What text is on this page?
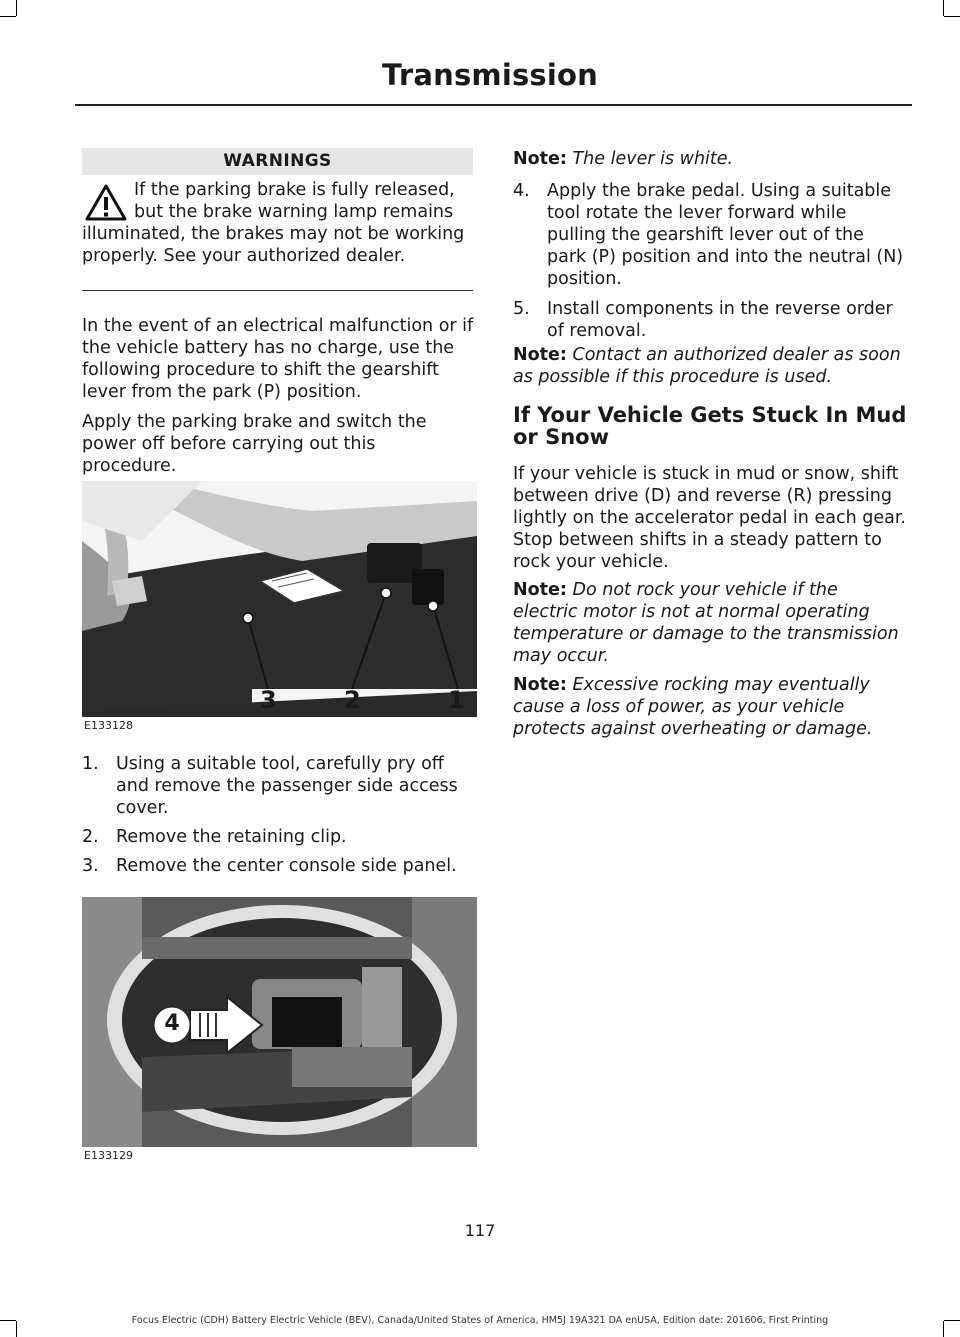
Transmission
WARNINGS
If the parking brake is fully released, but the brake warning lamp remains illuminated, the brakes may not be working properly. See your authorized dealer.

In the event of an electrical malfunction or if the vehicle battery has no charge, use the following procedure to shift the gearshift lever from the park (P) position.

Apply the parking brake and switch the power off before carrying out this procedure.

3	2	1
E133128
1. Using a suitable tool, carefully pry off and remove the passenger side access cover.
2. Remove the retaining clip.
3. Remove the center console side panel.
4
E133129

Note: The lever is white.

4. Apply the brake pedal. Using a suitable tool rotate the lever forward while pulling the gearshift lever out of the park (P) position and into the neutral (N) position.
5. Install components in the reverse order of removal.

Note: Contact an authorized dealer as soon as possible if this procedure is used.

If Your Vehicle Gets Stuck In Mud or Snow

If your vehicle is stuck in mud or snow, shift between drive (D) and reverse (R) pressing lightly on the accelerator pedal in each gear. Stop between shifts in a steady pattern to rock your vehicle.

Note: Do not rock your vehicle if the electric motor is not at normal operating temperature or damage to the transmission may occur.

Note: Excessive rocking may eventually cause a loss of power, as your vehicle protects against overheating or damage.

117
Focus Electric (CDH) Battery Electric Vehicle (BEV), Canada/United States of America, HM5J 19A321 DA enUSA, Edition date: 201606, First Printing
